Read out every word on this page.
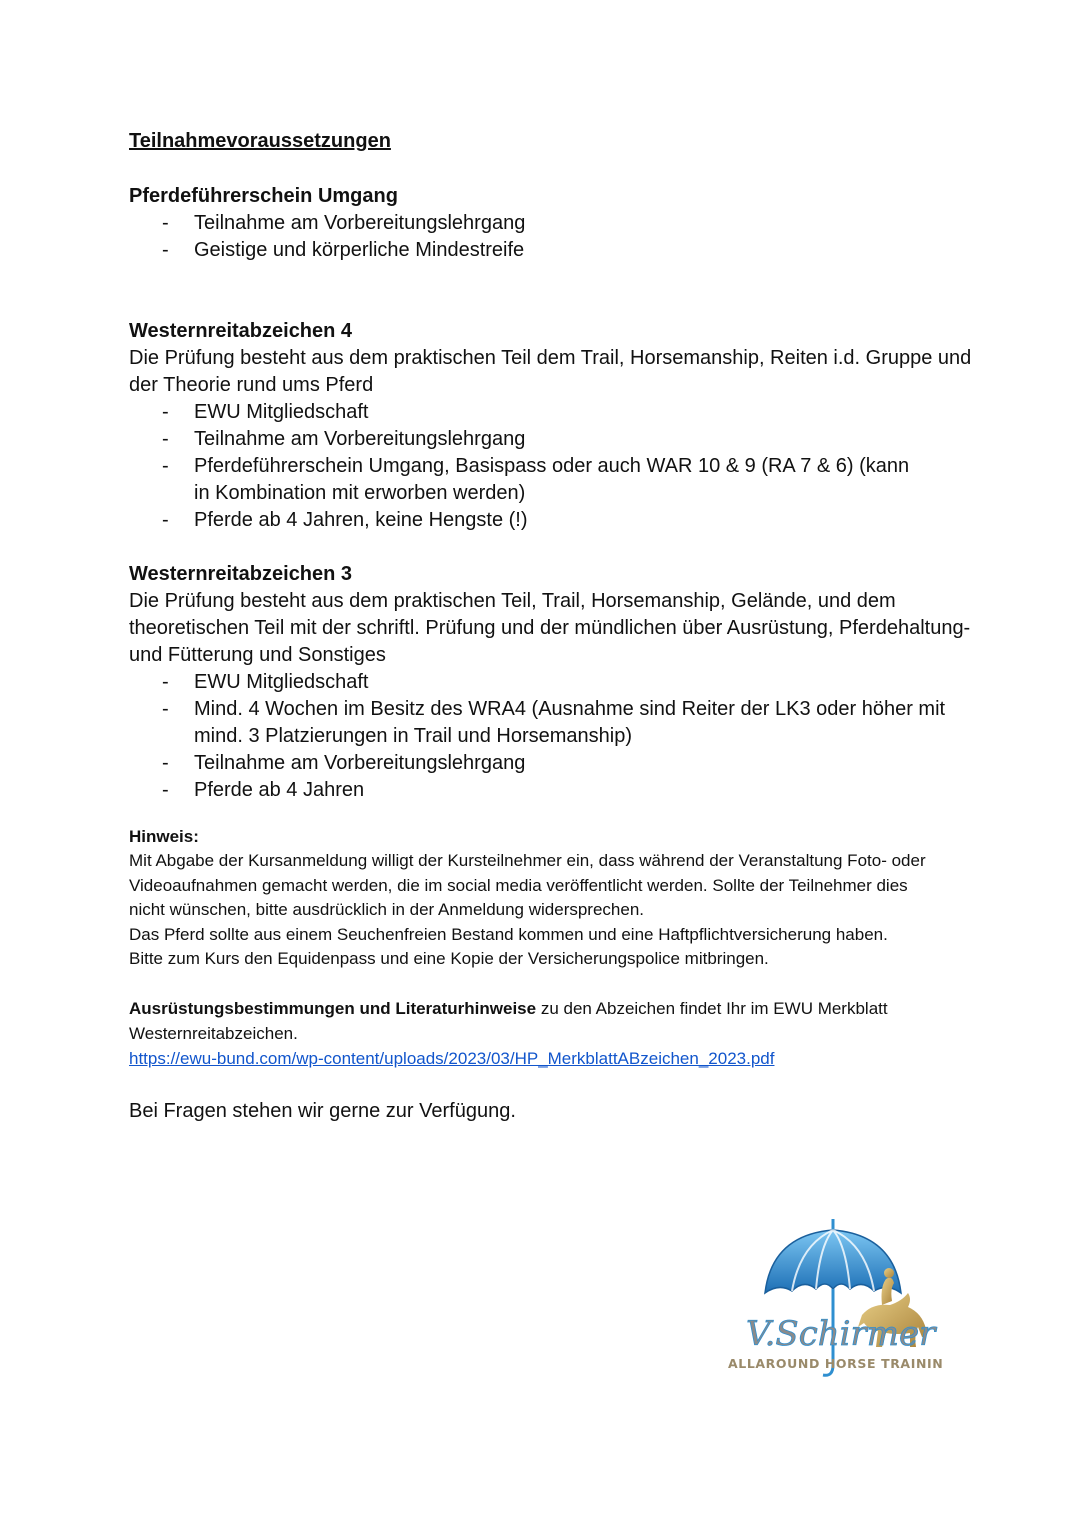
Teilnahmevoraussetzungen

Pferdeführerschein Umgang

- Teilnahme am Vorbereitungslehrgang
- Geistige und körperliche Mindestreife

Westernreitabzeichen 4

Die Prüfung besteht aus dem praktischen Teil dem Trail, Horsemanship, Reiten i.d. Gruppe und der Theorie rund ums Pferd

- EWU Mitgliedschaft
- Teilnahme am Vorbereitungslehrgang
- Pferdeführerschein Umgang, Basispass oder auch WAR 10 & 9 (RA 7 & 6) (kann in Kombination mit erworben werden)
- Pferde ab 4 Jahren, keine Hengste (!)

Westernreitabzeichen 3

Die Prüfung besteht aus dem praktischen Teil, Trail, Horsemanship, Gelände, und dem theoretischen Teil mit der schriftl. Prüfung und der mündlichen über Ausrüstung, Pferdehaltung- und Fütterung und Sonstiges

- EWU Mitgliedschaft
- Mind. 4 Wochen im Besitz des WRA4 (Ausnahme sind Reiter der LK3 oder höher mit mind. 3 Platzierungen in Trail und Horsemanship)
- Teilnahme am Vorbereitungslehrgang
- Pferde ab 4 Jahren

Hinweis:

Mit Abgabe der Kursanmeldung willigt der Kursteilnehmer ein, dass während der Veranstaltung Foto- oder Videoaufnahmen gemacht werden, die im social media veröffentlicht werden. Sollte der Teilnehmer dies nicht wünschen, bitte ausdrücklich in der Anmeldung widersprechen.

Das Pferd sollte aus einem Seuchenfreien Bestand kommen und eine Haftpflichtversicherung haben. Bitte zum Kurs den Equidenpass und eine Kopie der Versicherungspolice mitbringen.

Ausrüstungsbestimmungen und Literaturhinweise zu den Abzeichen findet Ihr im EWU Merkblatt Westernreitabzeichen.

https://ewu-bund.com/wp-content/uploads/2023/03/HP_MerkblattABzeichen_2023.pdf

Bei Fragen stehen wir gerne zur Verfügung.

V.Schirmer
ALLAROUND HORSE TRAINING
